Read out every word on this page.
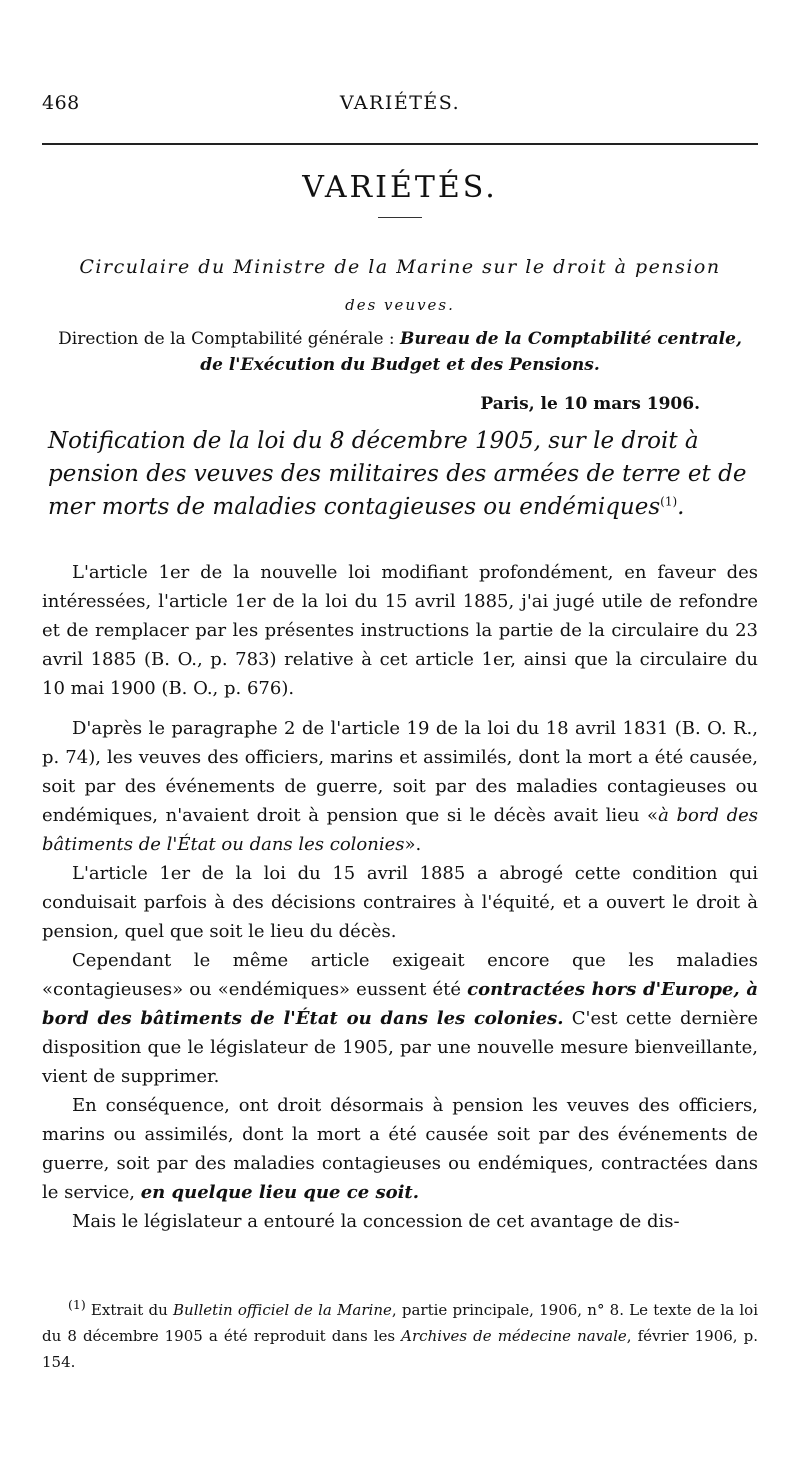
468	VARIÉTÉS.
VARIÉTÉS.
Circulaire du Ministre de la Marine sur le droit à pension
des veuves.
Direction de la Comptabilité générale : Bureau de la Comptabilité centrale,
de l'Exécution du Budget et des Pensions.
Paris, le 10 mars 1906.
Notification de la loi du 8 décembre 1905, sur le droit à pension des veuves des militaires des armées de terre et de mer morts de maladies contagieuses ou endémiques$^{(1)}$.

L'article 1er de la nouvelle loi modifiant profondément, en faveur des intéressées, l'article 1er de la loi du 15 avril 1885, j'ai jugé utile de refondre et de remplacer par les présentes instructions la partie de la circulaire du 23 avril 1885 (B. O., p. 783) relative à cet article 1er, ainsi que la circulaire du 10 mai 1900 (B. O., p. 676).

D'après le paragraphe 2 de l'article 19 de la loi du 18 avril 1831 (B. O. R., p. 74), les veuves des officiers, marins et assimilés, dont la mort a été causée, soit par des événements de guerre, soit par des maladies contagieuses ou endémiques, n'avaient droit à pension que si le décès avait lieu «à bord des bâtiments de l'État ou dans les colonies».

L'article 1er de la loi du 15 avril 1885 a abrogé cette condition qui conduisait parfois à des décisions contraires à l'équité, et a ouvert le droit à pension, quel que soit le lieu du décès.

Cependant le même article exigeait encore que les maladies «contagieuses» ou «endémiques» eussent été contractées hors d'Europe, à bord des bâtiments de l'État ou dans les colonies. C'est cette dernière disposition que le législateur de 1905, par une nouvelle mesure bienveillante, vient de supprimer.

En conséquence, ont droit désormais à pension les veuves des officiers, marins ou assimilés, dont la mort a été causée soit par des événements de guerre, soit par des maladies contagieuses ou endémiques, contractées dans le service, en quelque lieu que ce soit.

Mais le législateur a entouré la concession de cet avantage de dis-

$^{(1)}$ Extrait du Bulletin officiel de la Marine, partie principale, 1906, n° 8. Le texte de la loi du 8 décembre 1905 a été reproduit dans les Archives de médecine navale, février 1906, p. 154.
